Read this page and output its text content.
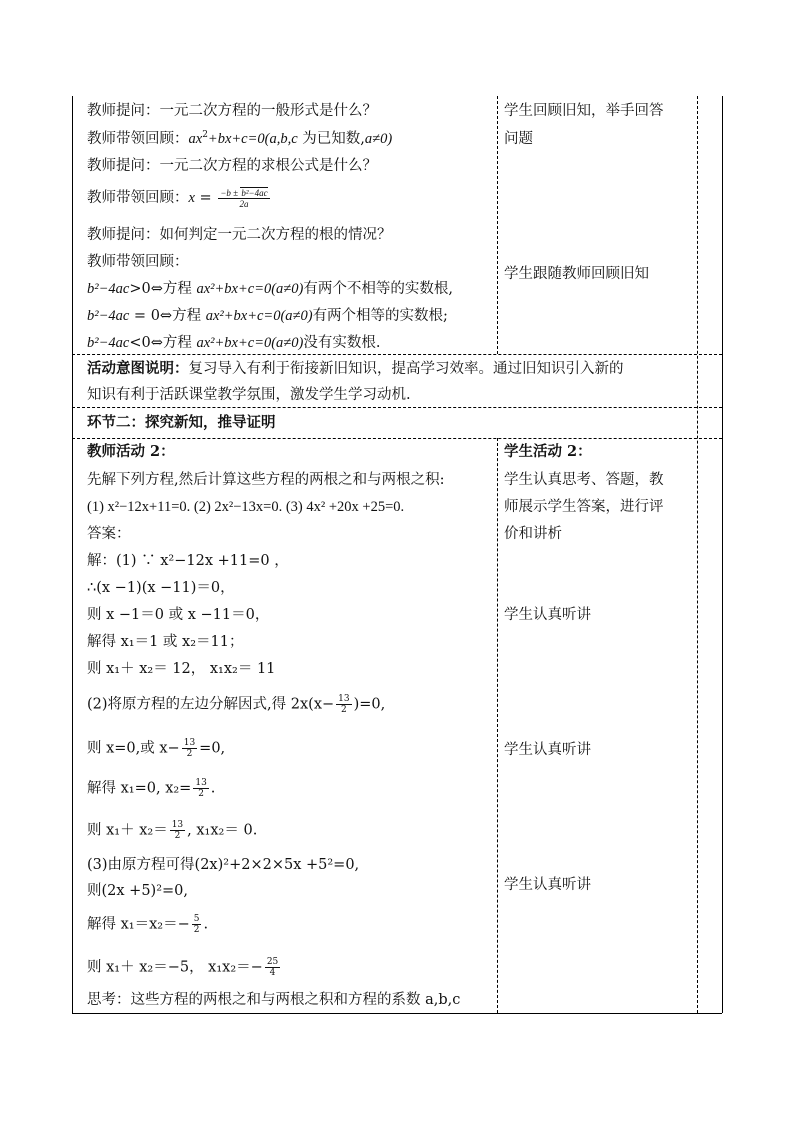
教师提问：一元二次方程的一般形式是什么？
教师带领回顾：$ax^2+bx+c=0(a,b,c$ 为已知数,a≠0)
教师提问：一元二次方程的求根公式是什么？
教师带领回顾：$x = \frac{\text{−b ± b²−4ac}}{2a}$
教师提问：如何判定一元二次方程的根的情况？
教师带领回顾：
b²−4ac>0⇔方程 ax²+bx+c=0(a≠0)有两个不相等的实数根,
b²−4ac = 0⇔方程 ax²+bx+c=0(a≠0)有两个相等的实数根;
b²−4ac<0⇔方程 ax²+bx+c=0(a≠0)没有实数根.
学生回顾旧知，举手回答
问题
学生跟随教师回顾旧知
活动意图说明：复习导入有利于衔接新旧知识，提高学习效率。通过旧知识引入新的
知识有利于活跃课堂教学氛围，激发学生学习动机.
环节二：探究新知，推导证明
教师活动 2：
先解下列方程,然后计算这些方程的两根之和与两根之积:
(1) x²−12x+11=0. (2) 2x²−13x=0. (3) 4x² +20x +25=0.
答案：
解：(1) ∵ x²−12x +11=0 ，
∴(x −1)(x −11)＝0，
则 x −1＝0 或 x −11＝0，
解得 x₁＝1 或 x₂＝11；
则 x₁＋ x₂＝ 12， x₁x₂＝ 11
(2)将原方程的左边分解因式,得 $2x(x- \frac{13}{2} )=0$,
则 x=0,或 $x- \frac{13}{2} =0$,
解得 x₁=0, $x_2= \frac{13}{2}$ .
则 $x_1+ x_2= \frac{13}{2}$ , x₁x₂＝ 0.
(3)由原方程可得(2x)²+2×2×5x +5²=0,
则(2x +5)²=0,
解得 $x_1=x_2=- \frac{5}{2}$ .
则 x₁＋ x₂＝−5， $x_1x_2=- \frac{25}{4}$
思考：这些方程的两根之和与两根之积和方程的系数 a,b,c
学生活动 2：
学生认真思考、答题，教
师展示学生答案，进行评
价和讲析
学生认真听讲
学生认真听讲
学生认真听讲
